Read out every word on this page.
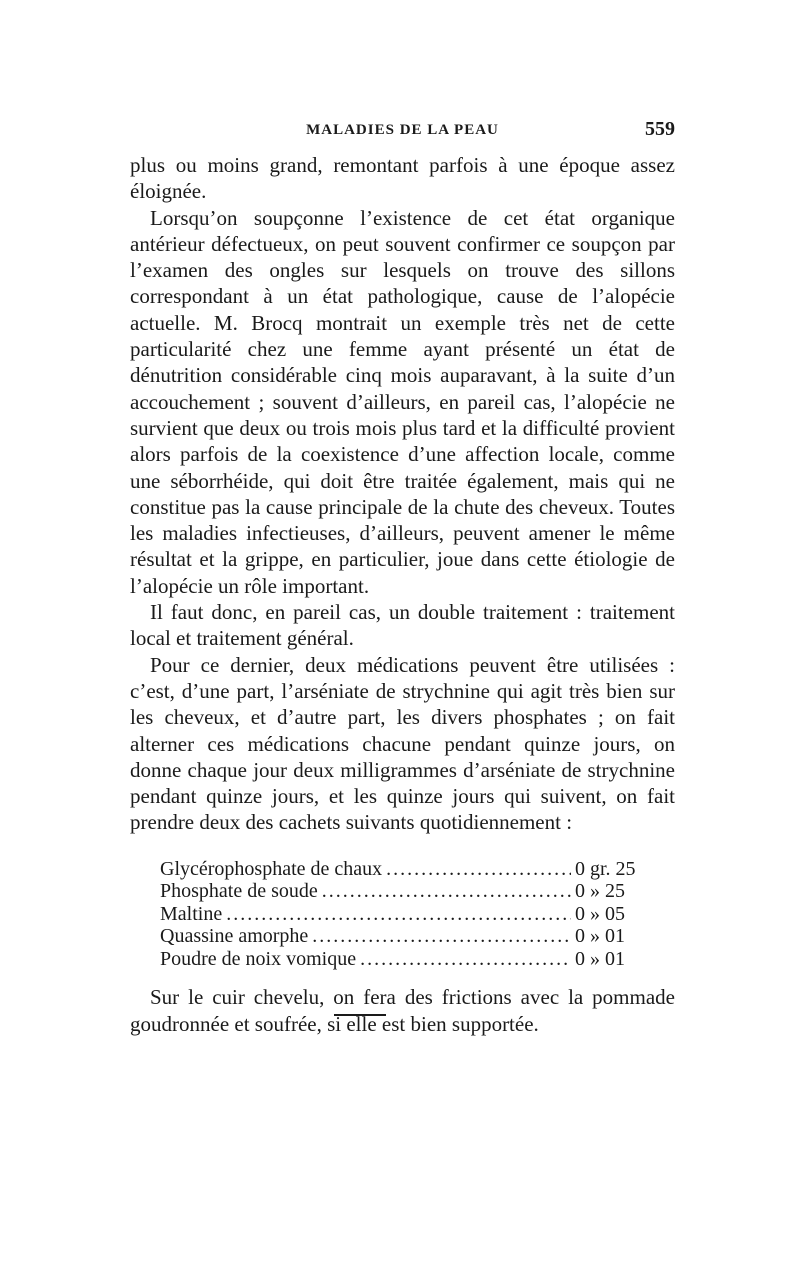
MALADIES DE LA PEAU	559

plus ou moins grand, remontant parfois à une époque assez éloignée.

Lorsqu’on soupçonne l’existence de cet état organique antérieur défectueux, on peut souvent confirmer ce soupçon par l’examen des ongles sur lesquels on trouve des sillons correspondant à un état pathologique, cause de l’alopécie actuelle. M. Brocq montrait un exemple très net de cette particularité chez une femme ayant présenté un état de dénutrition considérable cinq mois auparavant, à la suite d’un accouchement ; souvent d’ailleurs, en pareil cas, l’alopécie ne survient que deux ou trois mois plus tard et la difficulté provient alors parfois de la coexistence d’une affection locale, comme une séborrhéide, qui doit être traitée également, mais qui ne constitue pas la cause principale de la chute des cheveux. Toutes les maladies infectieuses, d’ailleurs, peuvent amener le même résultat et la grippe, en particulier, joue dans cette étiologie de l’alopécie un rôle important.

Il faut donc, en pareil cas, un double traitement : traitement local et traitement général.

Pour ce dernier, deux médications peuvent être utilisées : c’est, d’une part, l’arséniate de strychnine qui agit très bien sur les cheveux, et d’autre part, les divers phosphates ; on fait alterner ces médications chacune pendant quinze jours, on donne chaque jour deux milligrammes d’arséniate de strychnine pendant quinze jours, et les quinze jours qui suivent, on fait prendre deux des cachets suivants quotidiennement :

Glycérophosphate de chaux .....	0 gr. 25
Phosphate de soude .....	0 » 25
Maltine .....	0 » 05
Quassine amorphe .....	0 » 01
Poudre de noix vomique .....	0 » 01

Sur le cuir chevelu, on fera des frictions avec la pommade goudronnée et soufrée, si elle est bien supportée.
